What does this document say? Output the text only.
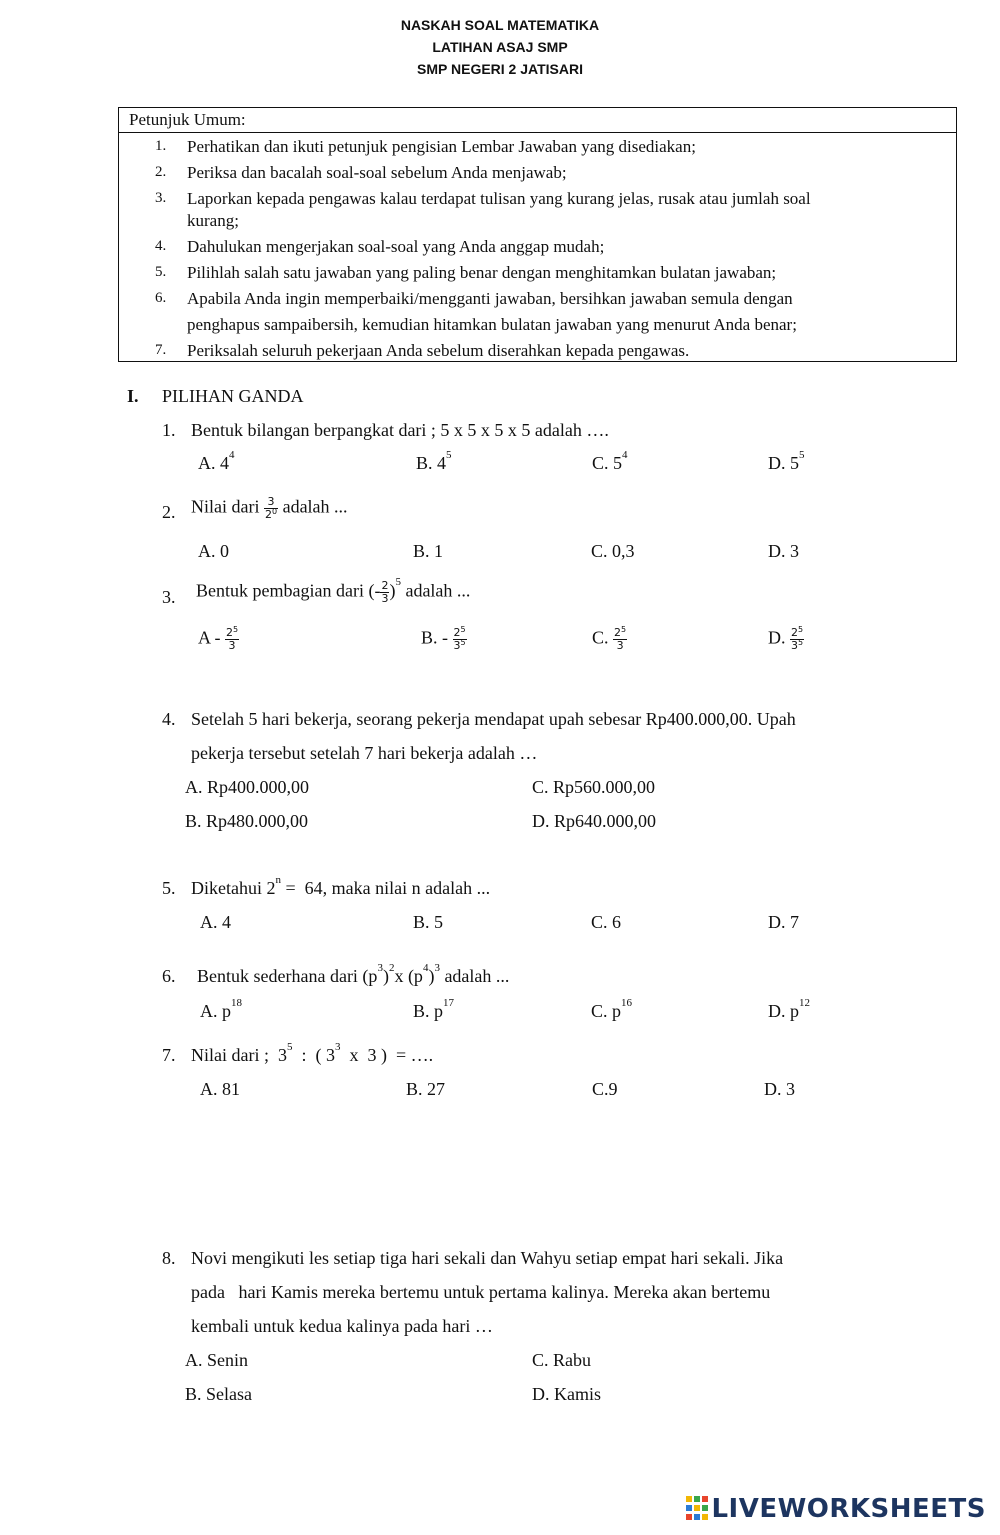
NASKAH SOAL MATEMATIKA
LATIHAN ASAJ SMP
SMP NEGERI 2 JATISARI
Petunjuk Umum:
1. Perhatikan dan ikuti petunjuk pengisian Lembar Jawaban yang disediakan;
2. Periksa dan bacalah soal-soal sebelum Anda menjawab;
3. Laporkan kepada pengawas kalau terdapat tulisan yang kurang jelas, rusak atau jumlah soal
kurang;
4. Dahulukan mengerjakan soal-soal yang Anda anggap mudah;
5. Pilihlah salah satu jawaban yang paling benar dengan menghitamkan bulatan jawaban;
6. Apabila Anda ingin memperbaiki/mengganti jawaban, bersihkan jawaban semula dengan
penghapus sampaibersih, kemudian hitamkan bulatan jawaban yang menurut Anda benar;
7. Periksalah seluruh pekerjaan Anda sebelum diserahkan kepada pengawas.
I. PILIHAN GANDA
1. Bentuk bilangan berpangkat dari ; 5 x 5 x 5 x 5 adalah ….
A. $4^4$	B. $4^5$	C. $5^4$	D. $5^5$
2. Nilai dari $\frac{3}{2^0}$ adalah ...
A. 0	B. 1	C. 0,3	D. 3
3. Bentuk pembagian dari (- $\frac{2}{3} )^5$ adalah ...
A - $\frac{2^5}{3}$	B. - $\frac{2^5}{3^5}$	C. $\frac{2^5}{3}$	D. $\frac{2^5}{3^5}$
4. Setelah 5 hari bekerja, seorang pekerja mendapat upah sebesar Rp400.000,00. Upah
pekerja tersebut setelah 7 hari bekerja adalah …
A. Rp400.000,00
B. Rp480.000,00
C. Rp560.000,00
D. Rp640.000,00
5. Diketahui $2^n = 64$, maka nilai n adalah ...
A. 4	B. 5	C. 6	D. 7
6. Bentuk sederhana dari $(p^3)^2x$ $(p^4)^3$ adalah ...
A. $p^{18}$	B. $p^{17}$	C. $p^{16}$	D. $p^{12}$
7. Nilai dari ;  $3^5$  :  ( $3^3$  x  3 )  = ….
A. 81	B. 27	C.9	D. 3
8. Novi mengikuti les setiap tiga hari sekali dan Wahyu setiap empat hari sekali. Jika
pada   hari Kamis mereka bertemu untuk pertama kalinya. Mereka akan bertemu
kembali untuk kedua kalinya pada hari …
A. Senin
B. Selasa
C. Rabu
D. Kamis
LIVEWORKSHEETS
